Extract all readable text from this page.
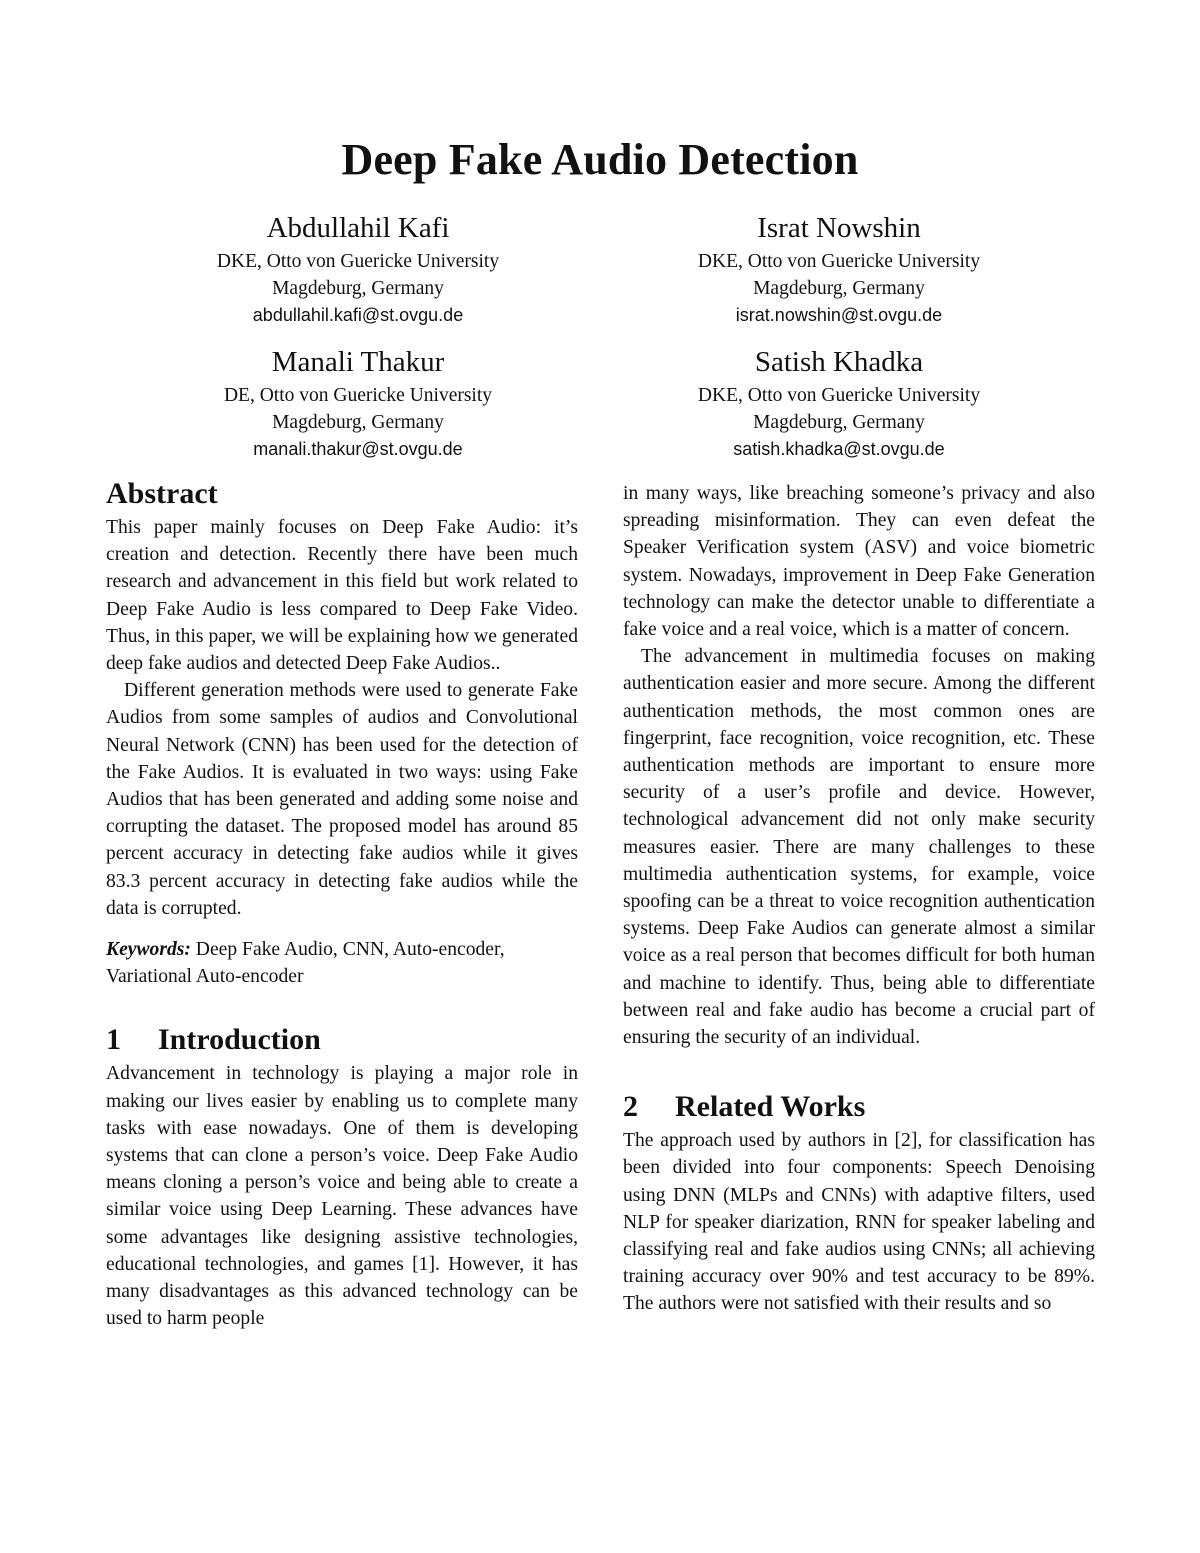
Deep Fake Audio Detection
Abdullahil Kafi
DKE, Otto von Guericke University
Magdeburg, Germany
abdullahil.kafi@st.ovgu.de
Israt Nowshin
DKE, Otto von Guericke University
Magdeburg, Germany
israt.nowshin@st.ovgu.de
Manali Thakur
DE, Otto von Guericke University
Magdeburg, Germany
manali.thakur@st.ovgu.de
Satish Khadka
DKE, Otto von Guericke University
Magdeburg, Germany
satish.khadka@st.ovgu.de
Abstract

This paper mainly focuses on Deep Fake Audio: it’s creation and detection. Recently there have been much research and advancement in this field but work related to Deep Fake Audio is less compared to Deep Fake Video. Thus, in this paper, we will be explaining how we generated deep fake audios and detected Deep Fake Audios..

Different generation methods were used to generate Fake Audios from some samples of audios and Convolutional Neural Network (CNN) has been used for the detection of the Fake Audios. It is evaluated in two ways: using Fake Audios that has been generated and adding some noise and corrupting the dataset. The proposed model has around 85 percent accuracy in detecting fake audios while it gives 83.3 percent accuracy in detecting fake audios while the data is corrupted.

Keywords: Deep Fake Audio, CNN, Auto-encoder, Variational Auto-encoder

1 Introduction

Advancement in technology is playing a major role in making our lives easier by enabling us to complete many tasks with ease nowadays. One of them is developing systems that can clone a person’s voice. Deep Fake Audio means cloning a person’s voice and being able to create a similar voice using Deep Learning. These advances have some advantages like designing assistive technologies, educational technologies, and games [1]. However, it has many disadvantages as this advanced technology can be used to harm people

in many ways, like breaching someone’s privacy and also spreading misinformation. They can even defeat the Speaker Verification system (ASV) and voice biometric system. Nowadays, improvement in Deep Fake Generation technology can make the detector unable to differentiate a fake voice and a real voice, which is a matter of concern.

The advancement in multimedia focuses on making authentication easier and more secure. Among the different authentication methods, the most common ones are fingerprint, face recognition, voice recognition, etc. These authentication methods are important to ensure more security of a user’s profile and device. However, technological advancement did not only make security measures easier. There are many challenges to these multimedia authentication systems, for example, voice spoofing can be a threat to voice recognition authentication systems. Deep Fake Audios can generate almost a similar voice as a real person that becomes difficult for both human and machine to identify. Thus, being able to differentiate between real and fake audio has become a crucial part of ensuring the security of an individual.

2 Related Works

The approach used by authors in [2], for classification has been divided into four components: Speech Denoising using DNN (MLPs and CNNs) with adaptive filters, used NLP for speaker diarization, RNN for speaker labeling and classifying real and fake audios using CNNs; all achieving training accuracy over 90% and test accuracy to be 89%. The authors were not satisfied with their results and so
